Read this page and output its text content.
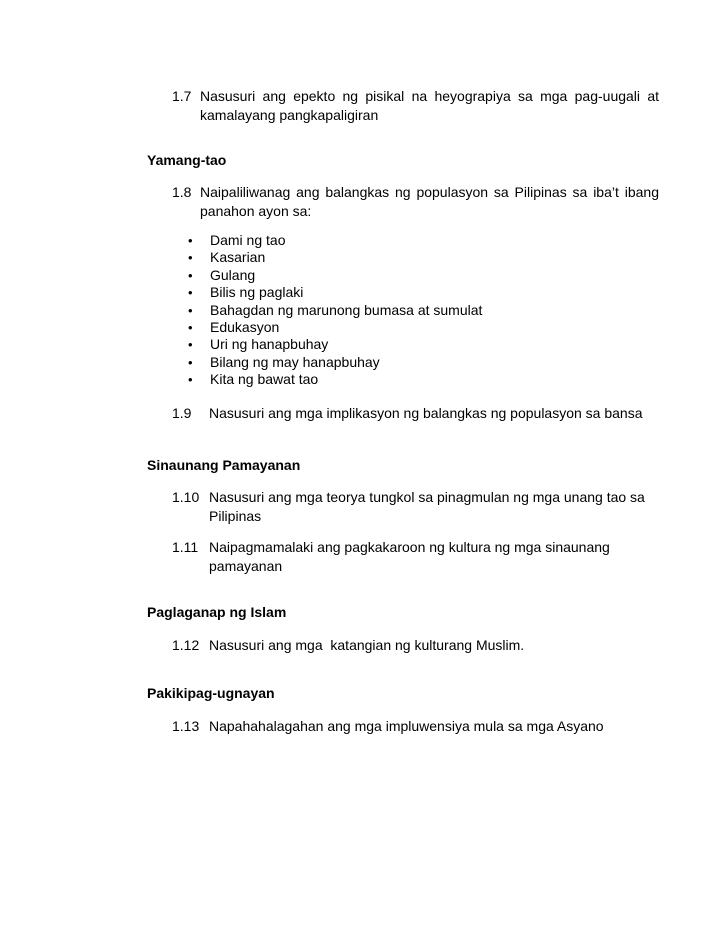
1.7 Nasusuri ang epekto ng pisikal na heyograpiya sa mga pag-uugali at kamalayang pangkapaligiran
Yamang-tao
1.8 Naipaliliwanag ang balangkas ng populasyon sa Pilipinas sa iba’t ibang panahon ayon sa:
• Dami ng tao
• Kasarian
• Gulang
• Bilis ng paglaki
• Bahagdan ng marunong bumasa at sumulat
• Edukasyon
• Uri ng hanapbuhay
• Bilang ng may hanapbuhay
• Kita ng bawat tao
1.9	Nasusuri ang mga implikasyon ng balangkas ng populasyon sa bansa
Sinaunang Pamayanan
1.10 Nasusuri ang mga teorya tungkol sa pinagmulan ng mga unang tao sa Pilipinas
1.11 Naipagmamalaki ang pagkakaroon ng kultura ng mga sinaunang pamayanan
Paglaganap ng Islam
1.12 Nasusuri ang mga  katangian ng kulturang Muslim.
Pakikipag-ugnayan
1.13 Napahahalagahan ang mga impluwensiya mula sa mga Asyano
